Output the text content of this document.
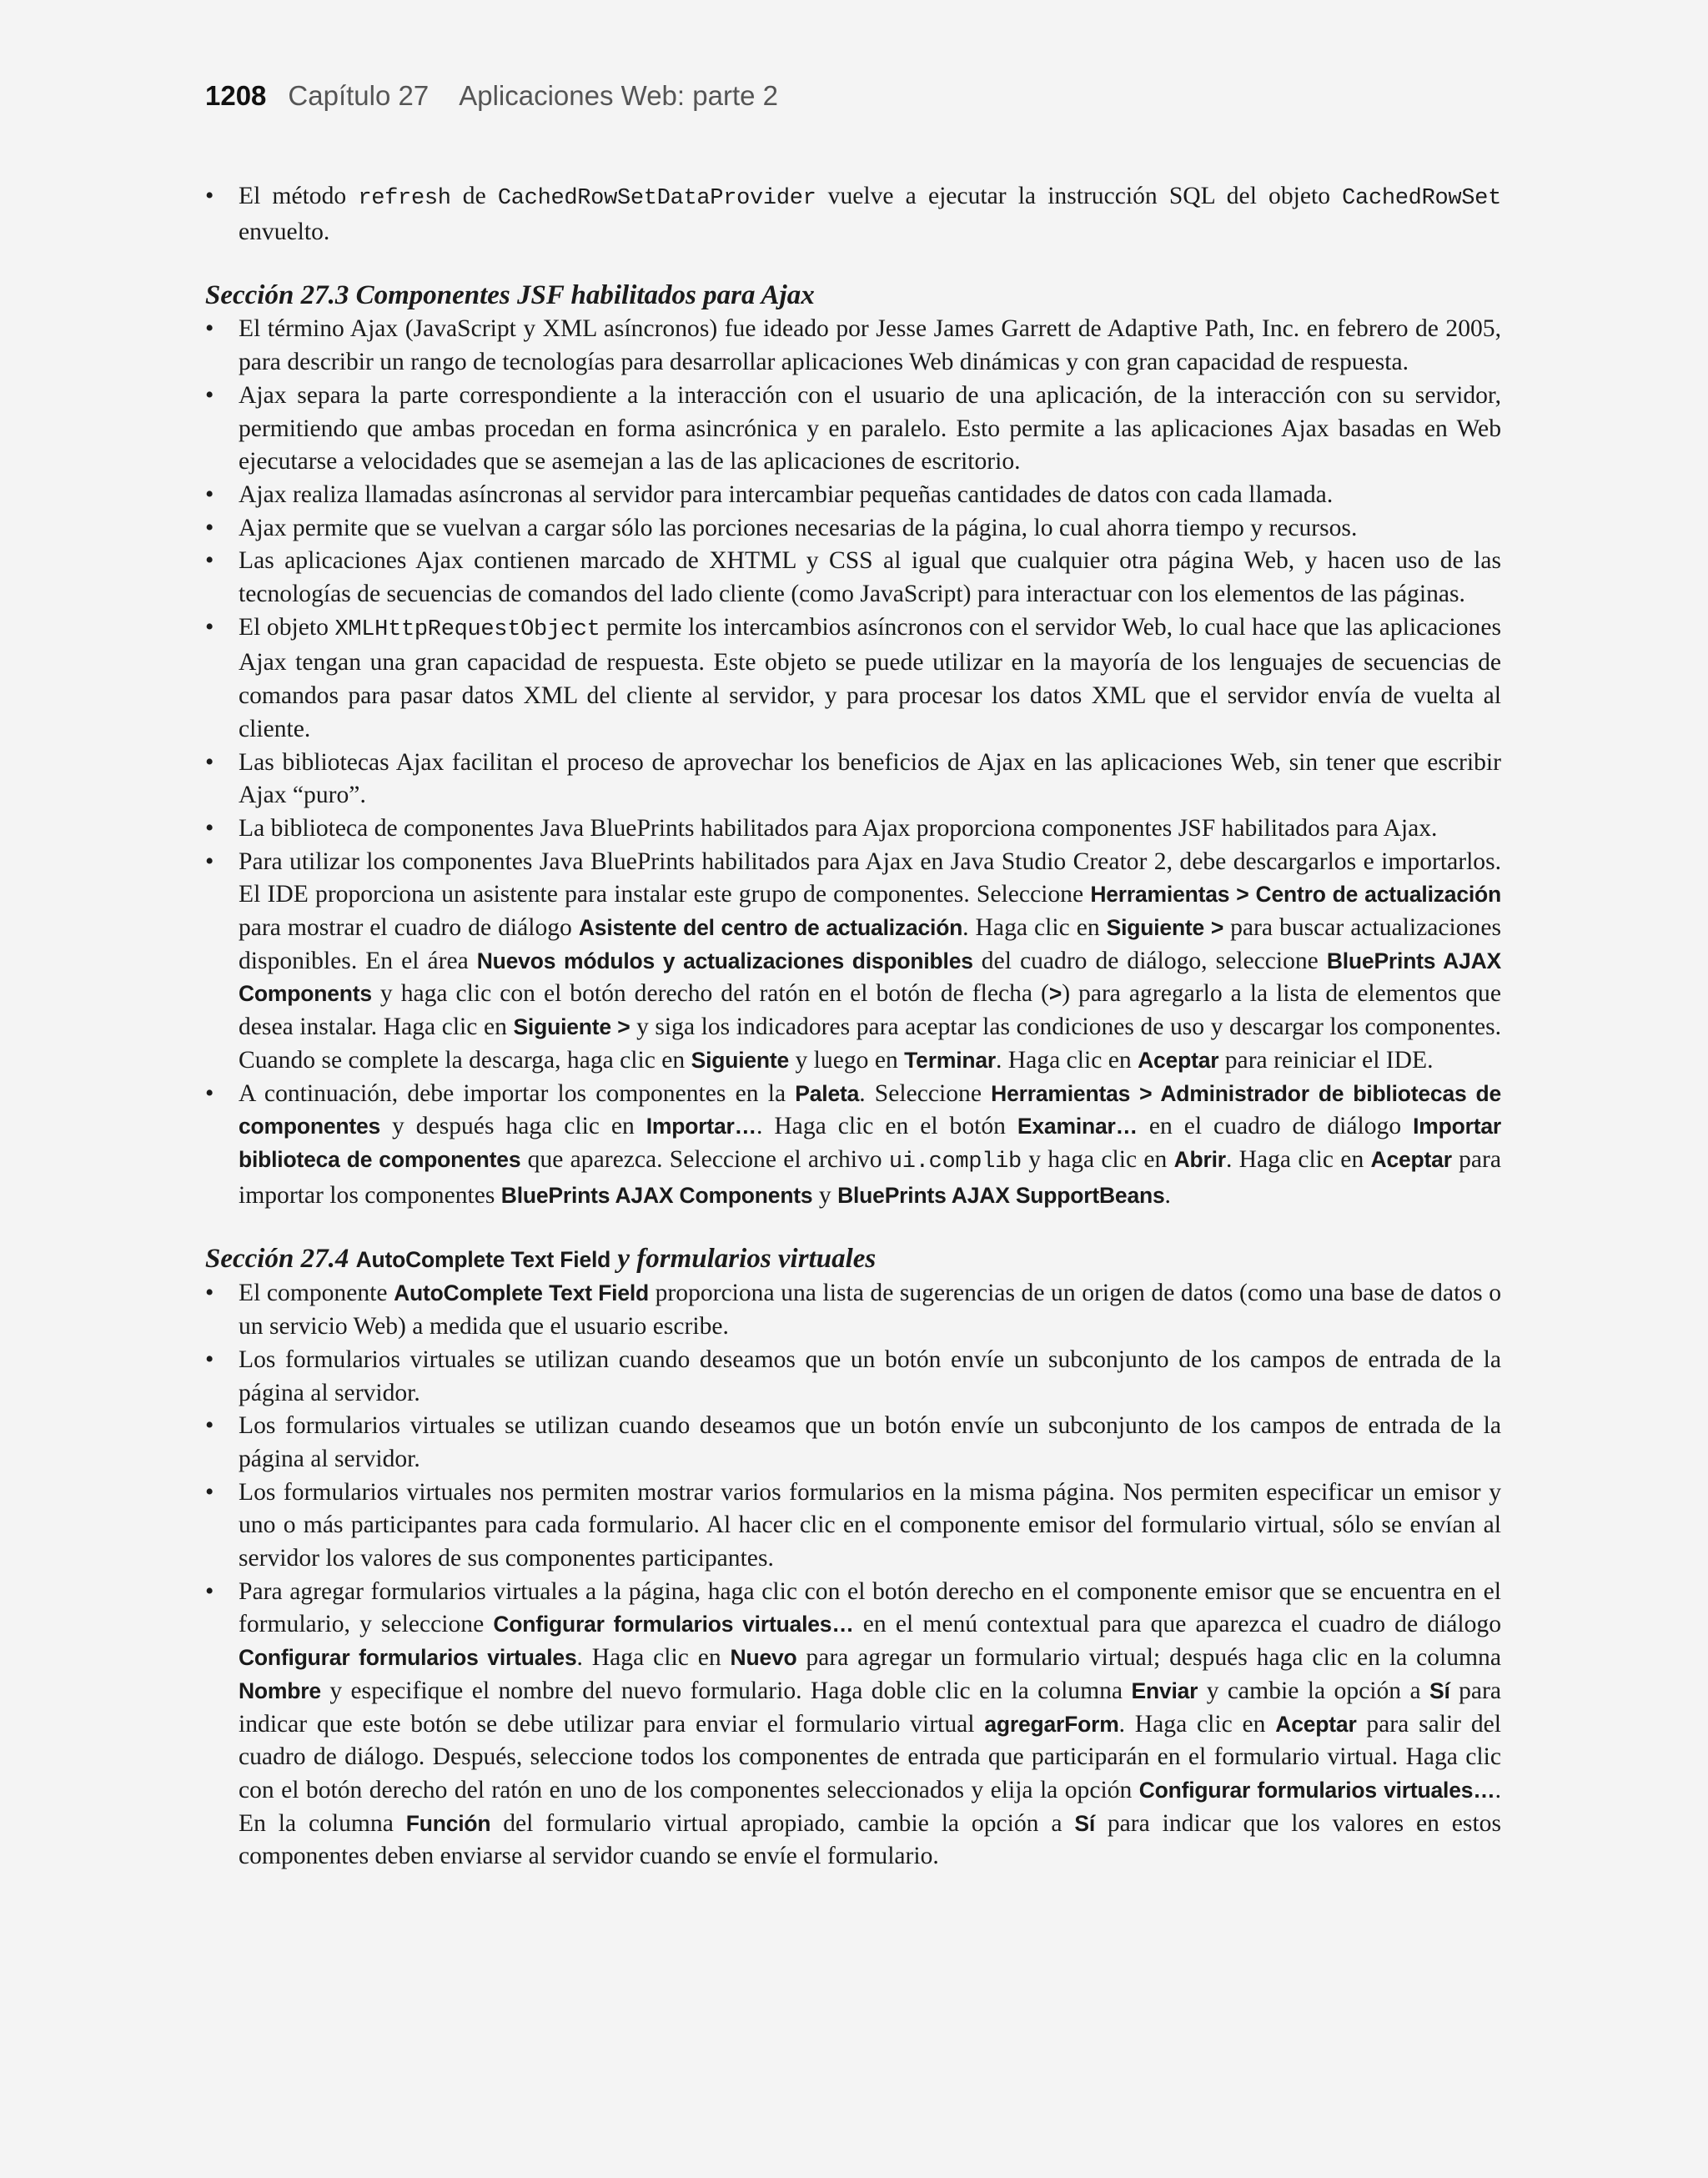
1208 Capítulo 27 Aplicaciones Web: parte 2
• El método refresh de CachedRowSetDataProvider vuelve a ejecutar la instrucción SQL del objeto CachedRowSet envuelto.
Sección 27.3 Componentes JSF habilitados para Ajax
• El término Ajax (JavaScript y XML asíncronos) fue ideado por Jesse James Garrett de Adaptive Path, Inc. en febrero de 2005, para describir un rango de tecnologías para desarrollar aplicaciones Web dinámicas y con gran capacidad de respuesta.
• Ajax separa la parte correspondiente a la interacción con el usuario de una aplicación, de la interacción con su servidor, permitiendo que ambas procedan en forma asincrónica y en paralelo. Esto permite a las aplicaciones Ajax basadas en Web ejecutarse a velocidades que se asemejan a las de las aplicaciones de escritorio.
• Ajax realiza llamadas asíncronas al servidor para intercambiar pequeñas cantidades de datos con cada llamada.
• Ajax permite que se vuelvan a cargar sólo las porciones necesarias de la página, lo cual ahorra tiempo y recursos.
• Las aplicaciones Ajax contienen marcado de XHTML y CSS al igual que cualquier otra página Web, y hacen uso de las tecnologías de secuencias de comandos del lado cliente (como JavaScript) para interactuar con los elementos de las páginas.
• El objeto XMLHttpRequestObject permite los intercambios asíncronos con el servidor Web, lo cual hace que las aplicaciones Ajax tengan una gran capacidad de respuesta. Este objeto se puede utilizar en la mayoría de los lenguajes de secuencias de comandos para pasar datos XML del cliente al servidor, y para procesar los datos XML que el servidor envía de vuelta al cliente.
• Las bibliotecas Ajax facilitan el proceso de aprovechar los beneficios de Ajax en las aplicaciones Web, sin tener que escribir Ajax “puro”.
• La biblioteca de componentes Java BluePrints habilitados para Ajax proporciona componentes JSF habilitados para Ajax.
• Para utilizar los componentes Java BluePrints habilitados para Ajax en Java Studio Creator 2, debe descargarlos e importarlos. El IDE proporciona un asistente para instalar este grupo de componentes. Seleccione Herramientas > Centro de actualización para mostrar el cuadro de diálogo Asistente del centro de actualización. Haga clic en Siguiente > para buscar actualizaciones disponibles. En el área Nuevos módulos y actualizaciones disponibles del cuadro de diálogo, seleccione BluePrints AJAX Components y haga clic con el botón derecho del ratón en el botón de flecha (>) para agregarlo a la lista de elementos que desea instalar. Haga clic en Siguiente > y siga los indicadores para aceptar las condiciones de uso y descargar los componentes. Cuando se complete la descarga, haga clic en Siguiente y luego en Terminar. Haga clic en Aceptar para reiniciar el IDE.
• A continuación, debe importar los componentes en la Paleta. Seleccione Herramientas > Administrador de bibliotecas de componentes y después haga clic en Importar…. Haga clic en el botón Examinar… en el cuadro de diálogo Importar biblioteca de componentes que aparezca. Seleccione el archivo ui.complib y haga clic en Abrir. Haga clic en Aceptar para importar los componentes BluePrints AJAX Components y BluePrints AJAX SupportBeans.
Sección 27.4 AutoComplete Text Field y formularios virtuales
• El componente AutoComplete Text Field proporciona una lista de sugerencias de un origen de datos (como una base de datos o un servicio Web) a medida que el usuario escribe.
• Los formularios virtuales se utilizan cuando deseamos que un botón envíe un subconjunto de los campos de entrada de la página al servidor.
• Los formularios virtuales se utilizan cuando deseamos que un botón envíe un subconjunto de los campos de entrada de la página al servidor.
• Los formularios virtuales nos permiten mostrar varios formularios en la misma página. Nos permiten especificar un emisor y uno o más participantes para cada formulario. Al hacer clic en el componente emisor del formulario virtual, sólo se envían al servidor los valores de sus componentes participantes.
• Para agregar formularios virtuales a la página, haga clic con el botón derecho en el componente emisor que se encuentra en el formulario, y seleccione Configurar formularios virtuales… en el menú contextual para que aparezca el cuadro de diálogo Configurar formularios virtuales. Haga clic en Nuevo para agregar un formulario virtual; después haga clic en la columna Nombre y especifique el nombre del nuevo formulario. Haga doble clic en la columna Enviar y cambie la opción a Sí para indicar que este botón se debe utilizar para enviar el formulario virtual agregarForm. Haga clic en Aceptar para salir del cuadro de diálogo. Después, seleccione todos los componentes de entrada que participarán en el formulario virtual. Haga clic con el botón derecho del ratón en uno de los componentes seleccionados y elija la opción Configurar formularios virtuales…. En la columna Función del formulario virtual apropiado, cambie la opción a Sí para indicar que los valores en estos componentes deben enviarse al servidor cuando se envíe el formulario.
